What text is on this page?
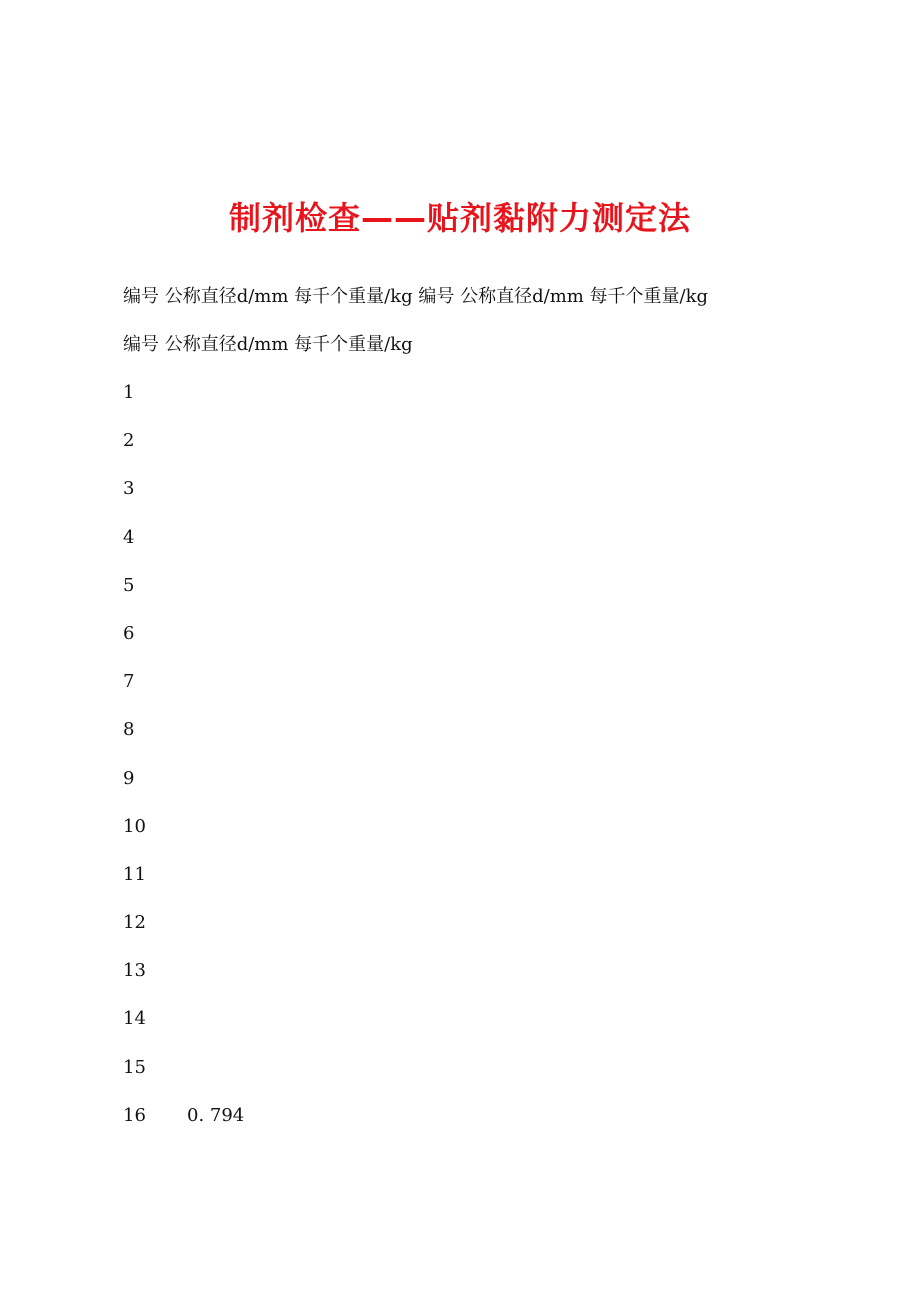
制剂检查——贴剂黏附力测定法
编号 公称直径d/mm 每千个重量/kg 编号 公称直径d/mm 每千个重量/kg
编号 公称直径d/mm 每千个重量/kg
1
2
3
4
5
6
7
8
9
10
11
12
13
14
15
16 0. 794
